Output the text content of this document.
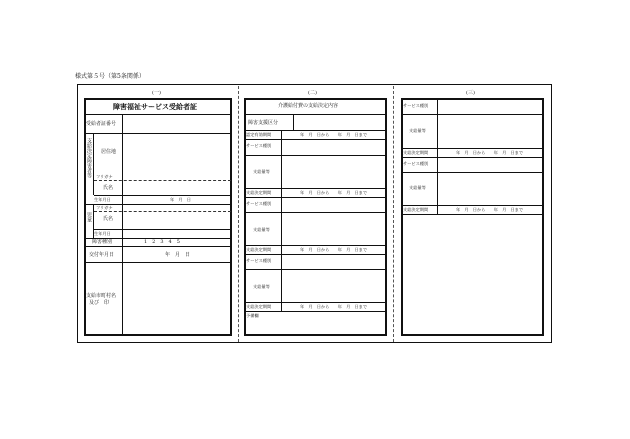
様式第５号（第5条関係）
(一)
障害福祉サービス受給者証
受給者証番号
支給決定障害者等 居住地
フリガナ
氏名
生年月日	年　月　日
児童
フリガナ
氏名
生年月日
障害種別	1　2　3　4　5
交付年月日	年　月　日
支給市町村名
及び　印
(二)
介護給付費の支給決定内容
障害支援区分
認定有効期間	年　月　日から　　年　月　日まで
サービス種別
支給量等
支給決定期間	年　月　日から　　年　月　日まで
サービス種別
支給量等
支給決定期間	年　月　日から　　年　月　日まで
サービス種別
支給量等
支給決定期間	年　月　日から　　年　月　日まで
予備欄
(三)
サービス種別
支給量等
支給決定期間	年　月　日から　　年　月　日まで
サービス種別
支給量等
支給決定期間	年　月　日から　　年　月　日まで
